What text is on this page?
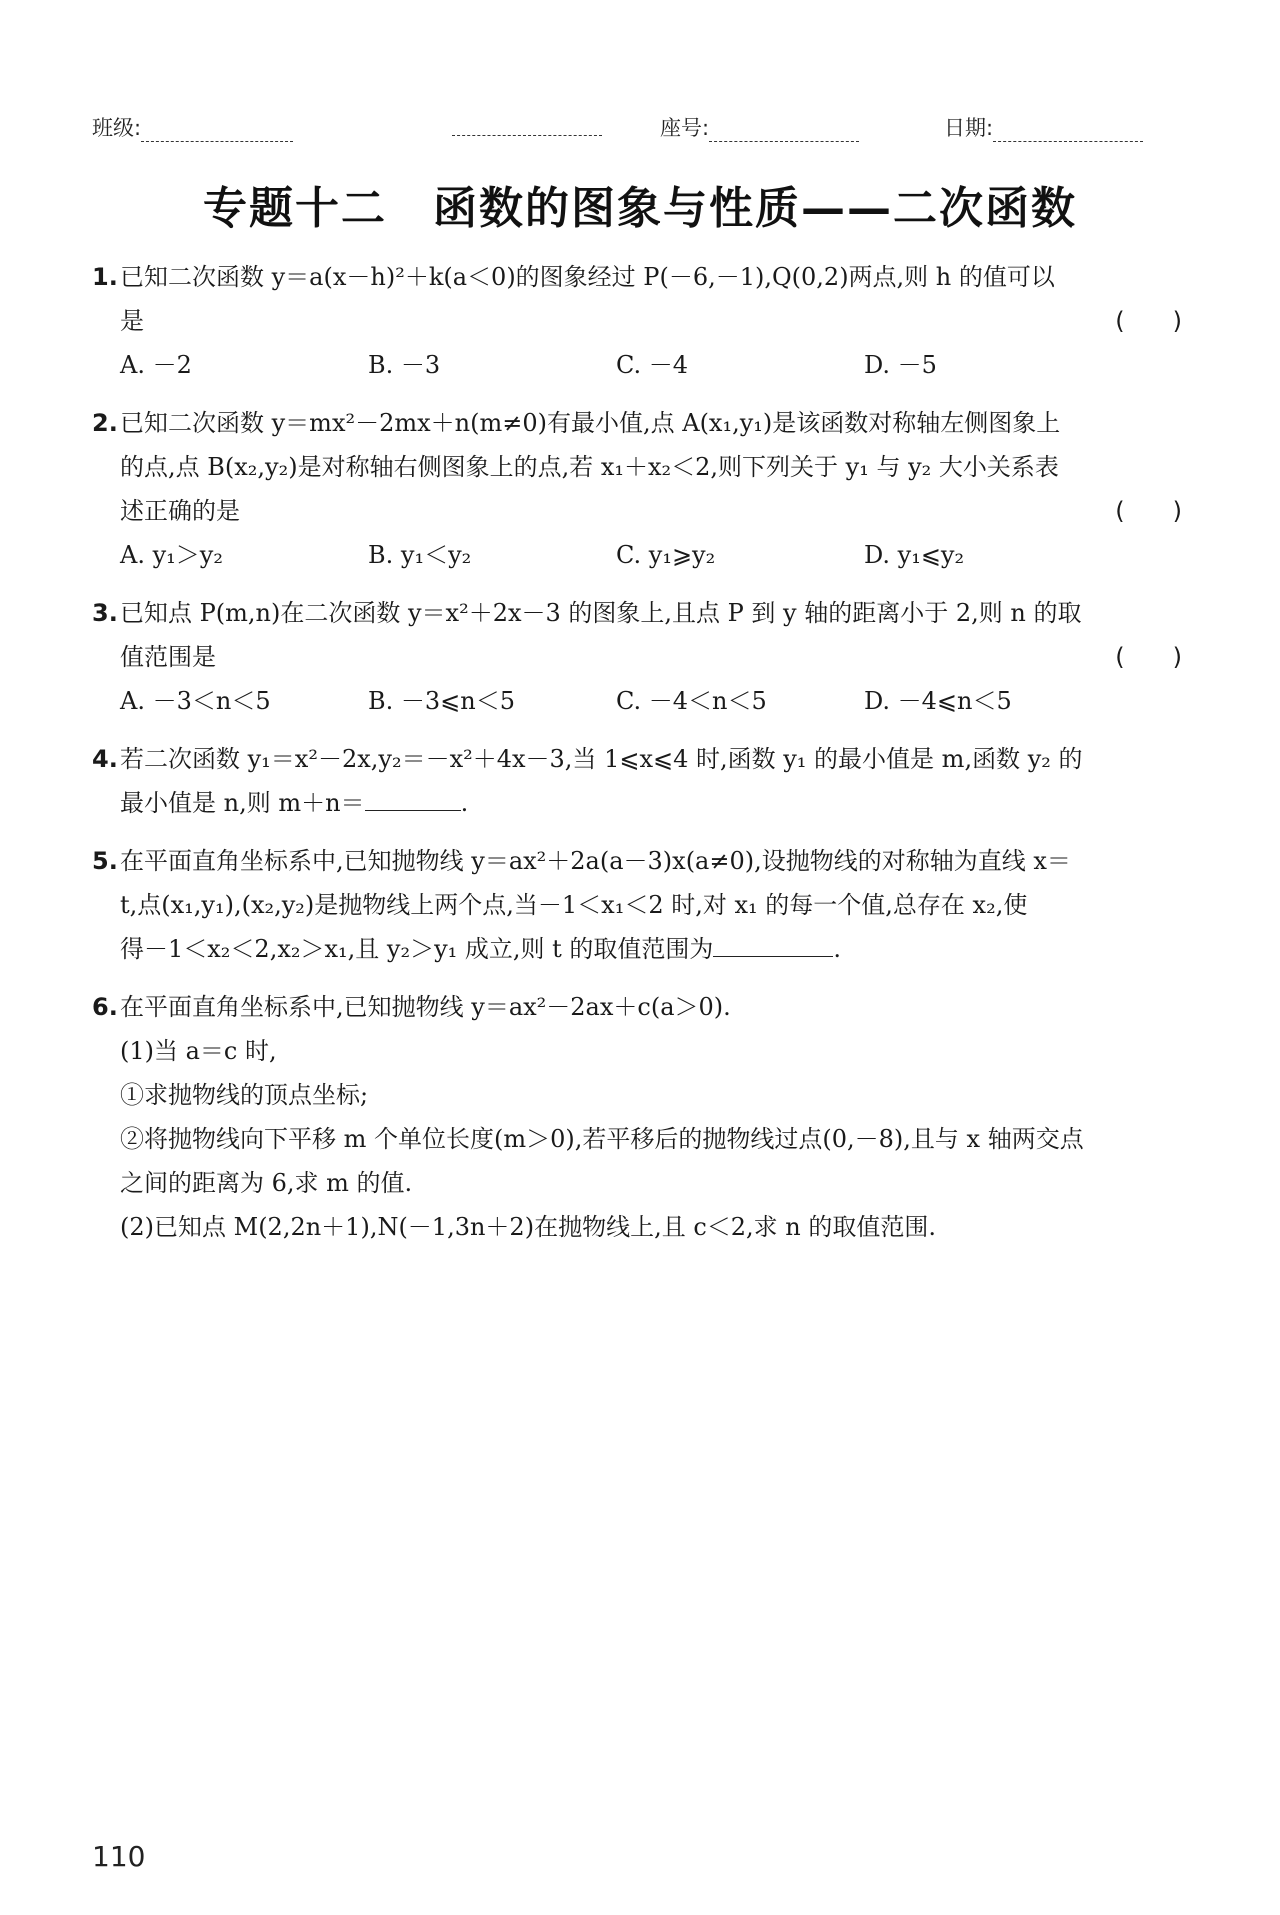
班级:	座号:	日期:
专题十二　函数的图象与性质——二次函数
1.已知二次函数 y＝a(x－h)²＋k(a＜0)的图象经过 P(－6,－1),Q(0,2)两点,则 h 的值可以
是	(　　)
A. －2	B. －3	C. －4	D. －5
2.已知二次函数 y＝mx²－2mx＋n(m≠0)有最小值,点 A(x₁,y₁)是该函数对称轴左侧图象上
的点,点 B(x₂,y₂)是对称轴右侧图象上的点,若 x₁＋x₂＜2,则下列关于 y₁ 与 y₂ 大小关系表
述正确的是	(　　)
A. y₁＞y₂	B. y₁＜y₂	C. y₁⩾y₂	D. y₁⩽y₂
3.已知点 P(m,n)在二次函数 y＝x²＋2x－3 的图象上,且点 P 到 y 轴的距离小于 2,则 n 的取
值范围是	(　　)
A. －3＜n＜5	B. －3⩽n＜5	C. －4＜n＜5	D. －4⩽n＜5
4.若二次函数 y₁＝x²－2x,y₂＝－x²＋4x－3,当 1⩽x⩽4 时,函数 y₁ 的最小值是 m,函数 y₂ 的
最小值是 n,则 m＋n＝	.
5.在平面直角坐标系中,已知抛物线 y＝ax²＋2a(a－3)x(a≠0),设抛物线的对称轴为直线 x＝
t,点(x₁,y₁),(x₂,y₂)是抛物线上两个点,当－1＜x₁＜2 时,对 x₁ 的每一个值,总存在 x₂,使
得－1＜x₂＜2,x₂＞x₁,且 y₂＞y₁ 成立,则 t 的取值范围为	.
6.在平面直角坐标系中,已知抛物线 y＝ax²－2ax＋c(a＞0).
(1)当 a＝c 时,
①求抛物线的顶点坐标;
②将抛物线向下平移 m 个单位长度(m＞0),若平移后的抛物线过点(0,－8),且与 x 轴两交点
之间的距离为 6,求 m 的值.
(2)已知点 M(2,2n＋1),N(－1,3n＋2)在抛物线上,且 c＜2,求 n 的取值范围.
110
